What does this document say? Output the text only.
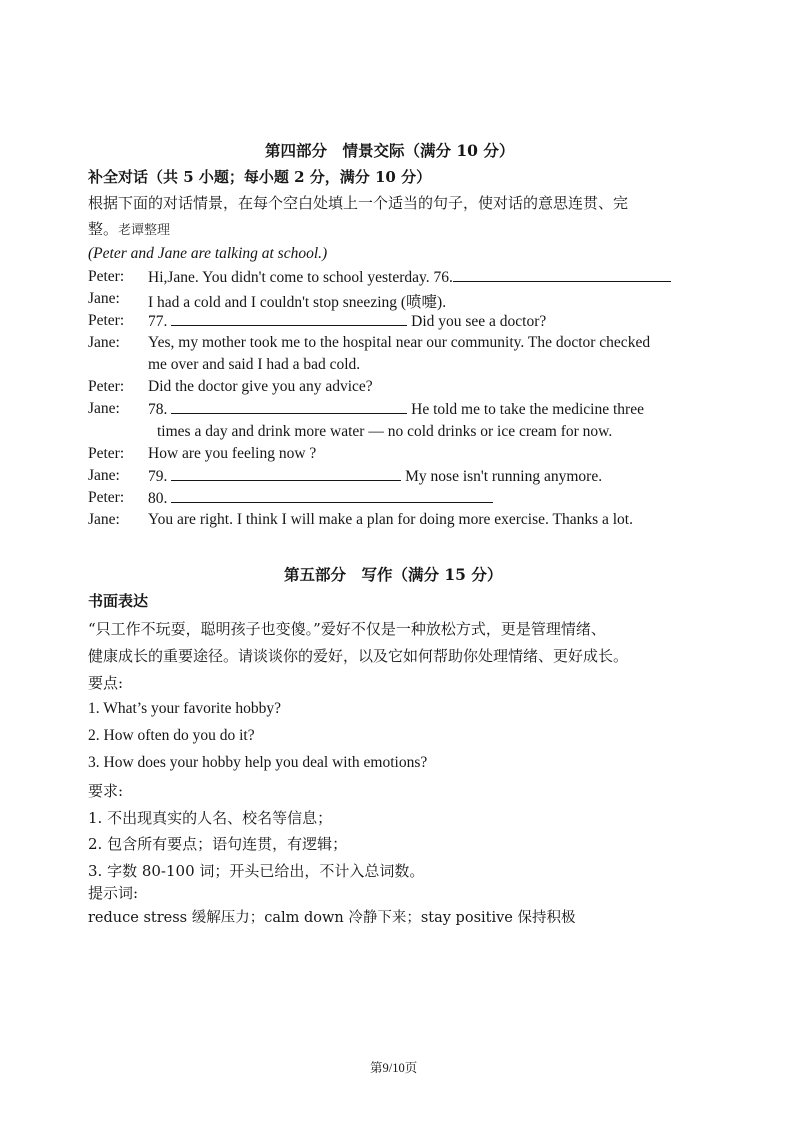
第四部分　情景交际（满分 10 分）
补全对话（共 5 小题；每小题 2 分，满分 10 分）
根据下面的对话情景，在每个空白处填上一个适当的句子，使对话的意思连贯、完
整。老谭整理
(Peter and Jane are talking at school.)
Peter: Hi,Jane. You didn't come to school yesterday. 76.
Jane: I had a cold and I couldn't stop sneezing (喷嚏).
Peter: 77.	Did you see a doctor?
Jane: Yes, my mother took me to the hospital near our community. The doctor checked
me over and said I had a bad cold.
Peter: Did the doctor give you any advice?
Jane: 78.	He told me to take the medicine three
times a day and drink more water — no cold drinks or ice cream for now.
Peter: How are you feeling now ?
Jane: 79.	My nose isn't running anymore.
Peter: 80.
Jane: You are right. I think I will make a plan for doing more exercise. Thanks a lot.
第五部分　写作（满分 15 分）
书面表达
“只工作不玩耍，聪明孩子也变傻。”爱好不仅是一种放松方式，更是管理情绪、
健康成长的重要途径。请谈谈你的爱好，以及它如何帮助你处理情绪、更好成长。
要点:
1. What’s your favorite hobby?
2. How often do you do it?
3. How does your hobby help you deal with emotions?
要求:
1. 不出现真实的人名、校名等信息；
2. 包含所有要点；语句连贯，有逻辑；
3. 字数 80-100 词；开头已给出，不计入总词数。
提示词:
reduce stress 缓解压力；calm down 冷静下来；stay positive 保持积极
第9/10页
